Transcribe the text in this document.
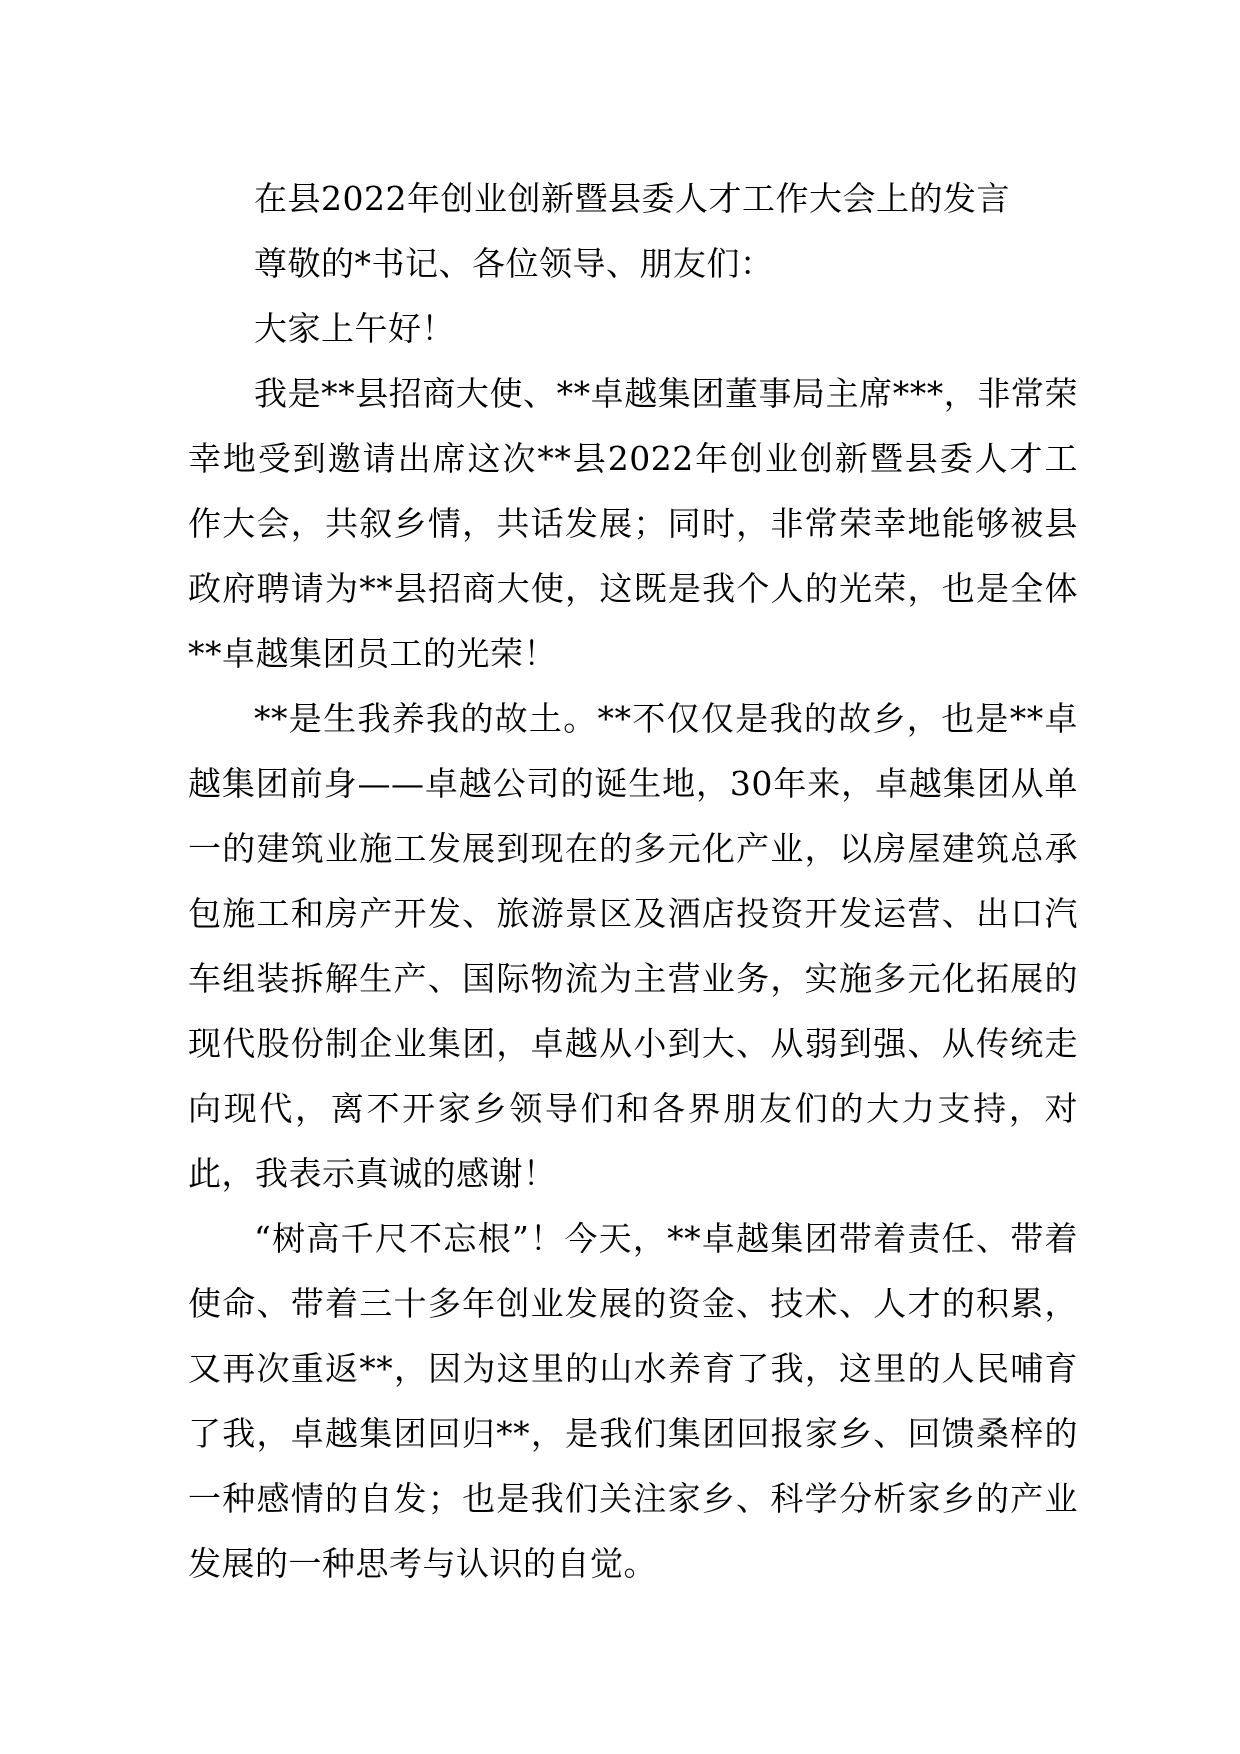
在县2022年创业创新暨县委人才工作大会上的发言

尊敬的*书记、各位领导、朋友们：

大家上午好！

我是**县招商大使、**卓越集团董事局主席***，非常荣幸地受到邀请出席这次**县2022年创业创新暨县委人才工作大会，共叙乡情，共话发展；同时，非常荣幸地能够被县政府聘请为**县招商大使，这既是我个人的光荣，也是全体**卓越集团员工的光荣！

**是生我养我的故土。**不仅仅是我的故乡，也是**卓越集团前身——卓越公司的诞生地，30年来，卓越集团从单一的建筑业施工发展到现在的多元化产业，以房屋建筑总承包施工和房产开发、旅游景区及酒店投资开发运营、出口汽车组装拆解生产、国际物流为主营业务，实施多元化拓展的现代股份制企业集团，卓越从小到大、从弱到强、从传统走向现代，离不开家乡领导们和各界朋友们的大力支持，对此，我表示真诚的感谢！

“树高千尺不忘根”！今天，**卓越集团带着责任、带着使命、带着三十多年创业发展的资金、技术、人才的积累，又再次重返**，因为这里的山水养育了我，这里的人民哺育了我，卓越集团回归**，是我们集团回报家乡、回馈桑梓的一种感情的自发；也是我们关注家乡、科学分析家乡的产业发展的一种思考与认识的自觉。
